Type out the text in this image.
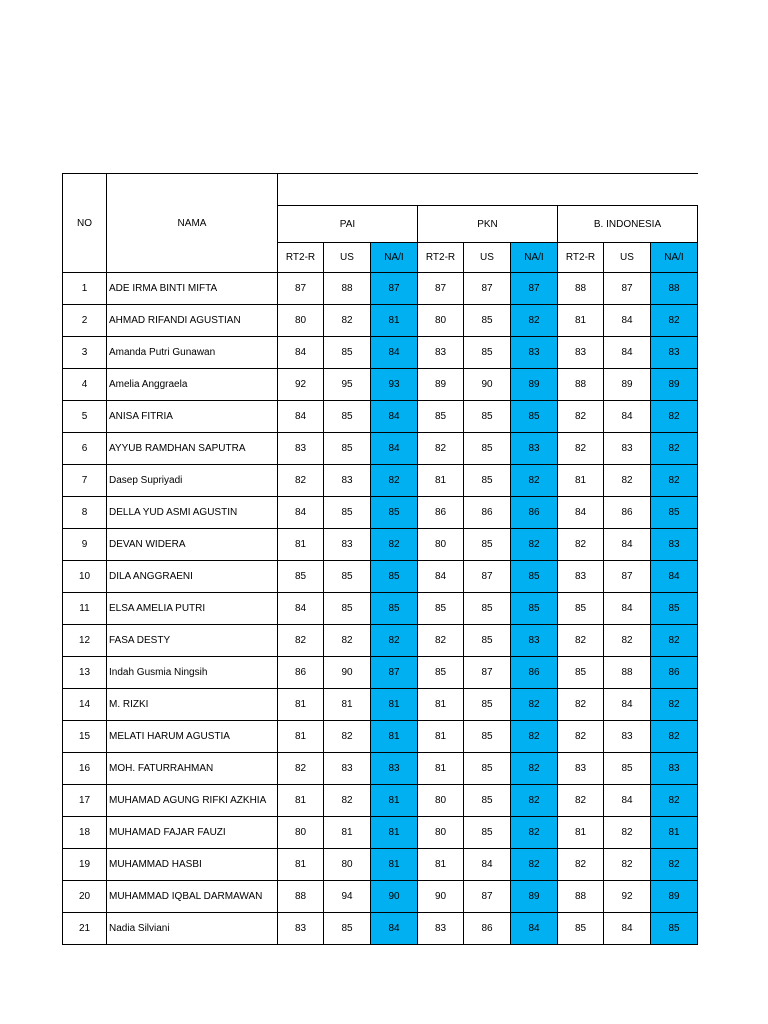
NO	NAMA									
		PAI			PKN			B. INDONESIA		
		RT2-R	US	NA/I	RT2-R	US	NA/I	RT2-R	US	NA/I
1	ADE IRMA BINTI MIFTA	87	88	87	87	87	87	88	87	88
2	AHMAD RIFANDI AGUSTIAN	80	82	81	80	85	82	81	84	82
3	Amanda Putri Gunawan	84	85	84	83	85	83	83	84	83
4	Amelia Anggraela	92	95	93	89	90	89	88	89	89
5	ANISA FITRIA	84	85	84	85	85	85	82	84	82
6	AYYUB RAMDHAN SAPUTRA	83	85	84	82	85	83	82	83	82
7	Dasep Supriyadi	82	83	82	81	85	82	81	82	82
8	DELLA YUD ASMI AGUSTIN	84	85	85	86	86	86	84	86	85
9	DEVAN WIDERA	81	83	82	80	85	82	82	84	83
10	DILA ANGGRAENI	85	85	85	84	87	85	83	87	84
11	ELSA AMELIA PUTRI	84	85	85	85	85	85	85	84	85
12	FASA DESTY	82	82	82	82	85	83	82	82	82
13	Indah Gusmia Ningsih	86	90	87	85	87	86	85	88	86
14	M. RIZKI	81	81	81	81	85	82	82	84	82
15	MELATI HARUM AGUSTIA	81	82	81	81	85	82	82	83	82
16	MOH. FATURRAHMAN	82	83	83	81	85	82	83	85	83
17	MUHAMAD AGUNG RIFKI AZKHIA	81	82	81	80	85	82	82	84	82
18	MUHAMAD FAJAR FAUZI	80	81	81	80	85	82	81	82	81
19	MUHAMMAD HASBI	81	80	81	81	84	82	82	82	82
20	MUHAMMAD IQBAL DARMAWAN	88	94	90	90	87	89	88	92	89
21	Nadia Silviani	83	85	84	83	86	84	85	84	85
